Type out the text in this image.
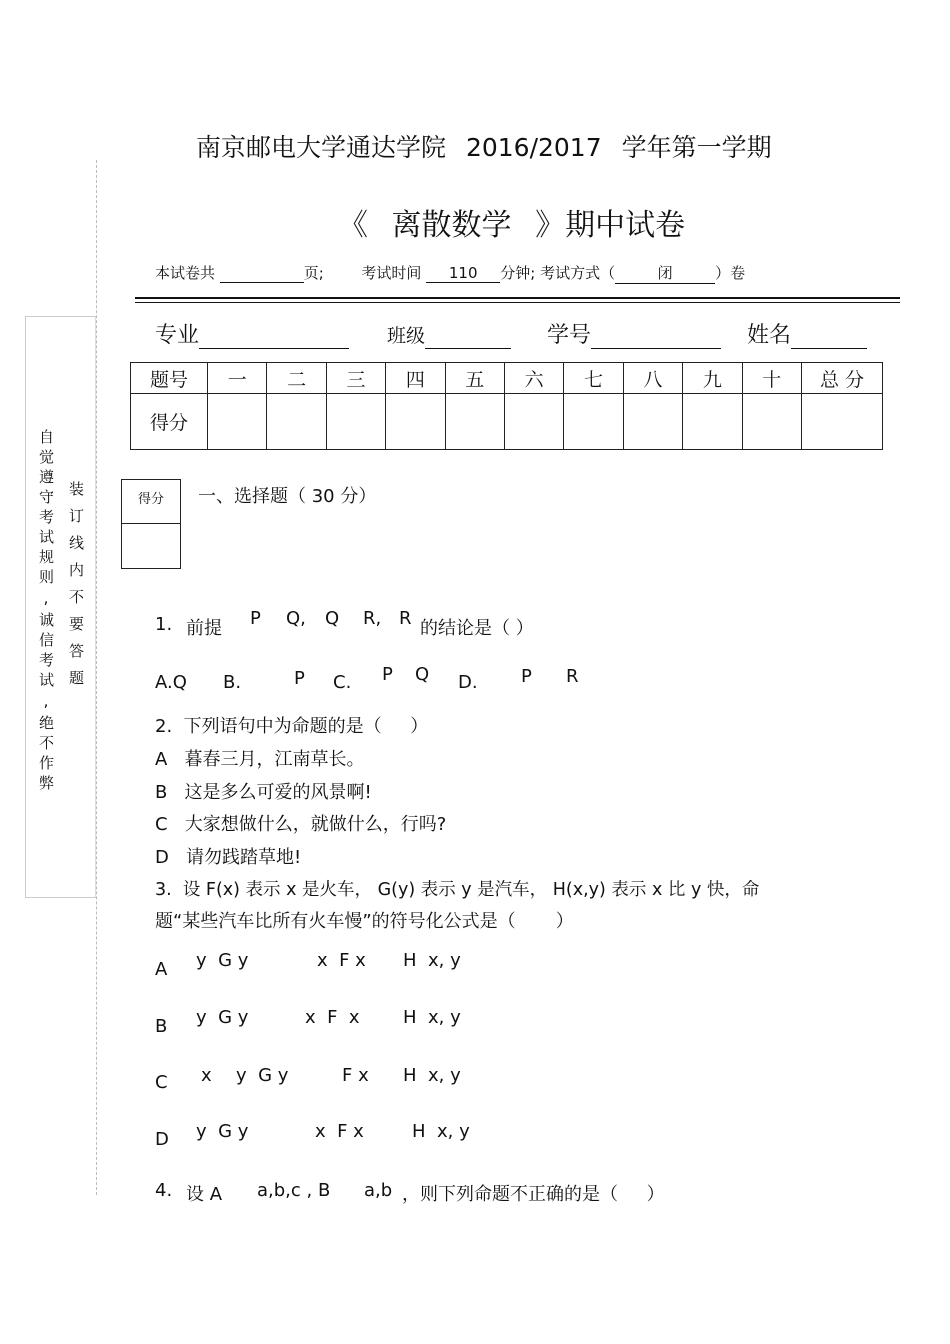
自觉遵守考试规则,诚信考试,绝不作弊 装订线内不要答题
南京邮电大学通达学院 2016/2017 学年第一学期
《 离散数学 》期中试卷
本试卷共	页;	考试时间 110 分钟; 考试方式（	闭	）卷
专业	班级	学号	姓名
题号	一	二	三	四	五	六	七	八	九	十	总 分
得分											
得分	一、选择题（ 30 分）
1. 前提 P Q, Q R, R 的结论是（ ）
A.Q B.	P C. P Q D. P R
2.  下列语句中为命题的是（     ）
A   暮春三月，江南草长。
B   这是多么可爱的风景啊!
C   大家想做什么，就做什么，行吗?
D   请勿践踏草地!
3.  设 F(x) 表示 x 是火车， G(y) 表示 y 是汽车， H(x,y) 表示 x 比 y 快，命
题“某些汽车比所有火车慢”的符号化公式是（       ）
A y  G y	x  F x H  x, y
B y  G y	x  F  x H  x, y
C x y  G y	F x H  x, y
D y  G y	x  F x	H  x, y
4. 设 A a,b,c , B a,b ，则下列命题不正确的是（     ）
